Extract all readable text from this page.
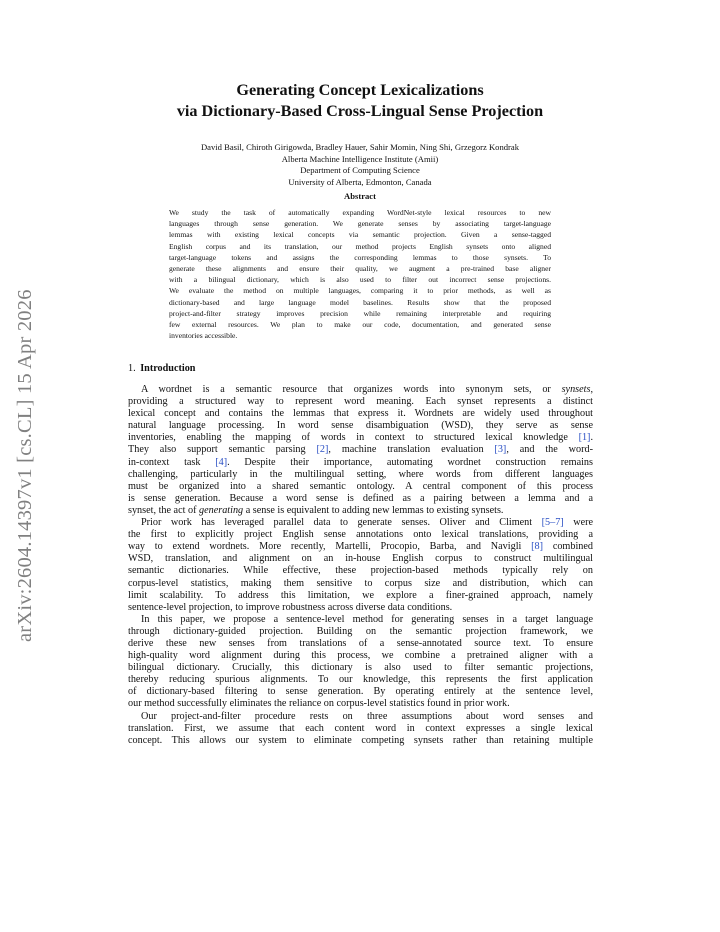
arXiv:2604.14397v1 [cs.CL] 15 Apr 2026
Generating Concept Lexicalizations
via Dictionary-Based Cross-Lingual Sense Projection
David Basil, Chiroth Girigowda, Bradley Hauer, Sahir Momin, Ning Shi, Grzegorz Kondrak
Alberta Machine Intelligence Institute (Amii)
Department of Computing Science
University of Alberta, Edmonton, Canada
Abstract
We study the task of automatically expanding WordNet-style lexical resources to new
languages through sense generation. We generate senses by associating target-language
lemmas with existing lexical concepts via semantic projection. Given a sense-tagged
English corpus and its translation, our method projects English synsets onto aligned
target-language tokens and assigns the corresponding lemmas to those synsets. To
generate these alignments and ensure their quality, we augment a pre-trained base aligner
with a bilingual dictionary, which is also used to filter out incorrect sense projections.
We evaluate the method on multiple languages, comparing it to prior methods, as well as
dictionary-based and large language model baselines. Results show that the proposed
project-and-filter strategy improves precision while remaining interpretable and requiring
few external resources. We plan to make our code, documentation, and generated sense
inventories accessible.
1. Introduction
A wordnet is a semantic resource that organizes words into synonym sets, or synsets,
providing a structured way to represent word meaning. Each synset represents a distinct
lexical concept and contains the lemmas that express it. Wordnets are widely used throughout
natural language processing. In word sense disambiguation (WSD), they serve as sense
inventories, enabling the mapping of words in context to structured lexical knowledge [1].
They also support semantic parsing [2], machine translation evaluation [3], and the word-
in-context task [4]. Despite their importance, automating wordnet construction remains
challenging, particularly in the multilingual setting, where words from different languages
must be organized into a shared semantic ontology. A central component of this process
is sense generation. Because a word sense is defined as a pairing between a lemma and a
synset, the act of generating a sense is equivalent to adding new lemmas to existing synsets.
Prior work has leveraged parallel data to generate senses. Oliver and Climent [5–7] were
the first to explicitly project English sense annotations onto lexical translations, providing a
way to extend wordnets. More recently, Martelli, Procopio, Barba, and Navigli [8] combined
WSD, translation, and alignment on an in-house English corpus to construct multilingual
semantic dictionaries. While effective, these projection-based methods typically rely on
corpus-level statistics, making them sensitive to corpus size and distribution, which can
limit scalability. To address this limitation, we explore a finer-grained approach, namely
sentence-level projection, to improve robustness across diverse data conditions.
In this paper, we propose a sentence-level method for generating senses in a target language
through dictionary-guided projection. Building on the semantic projection framework, we
derive these new senses from translations of a sense-annotated source text. To ensure
high-quality word alignment during this process, we combine a pretrained aligner with a
bilingual dictionary. Crucially, this dictionary is also used to filter semantic projections,
thereby reducing spurious alignments. To our knowledge, this represents the first application
of dictionary-based filtering to sense generation. By operating entirely at the sentence level,
our method successfully eliminates the reliance on corpus-level statistics found in prior work.
Our project-and-filter procedure rests on three assumptions about word senses and
translation. First, we assume that each content word in context expresses a single lexical
concept. This allows our system to eliminate competing synsets rather than retaining multiple
